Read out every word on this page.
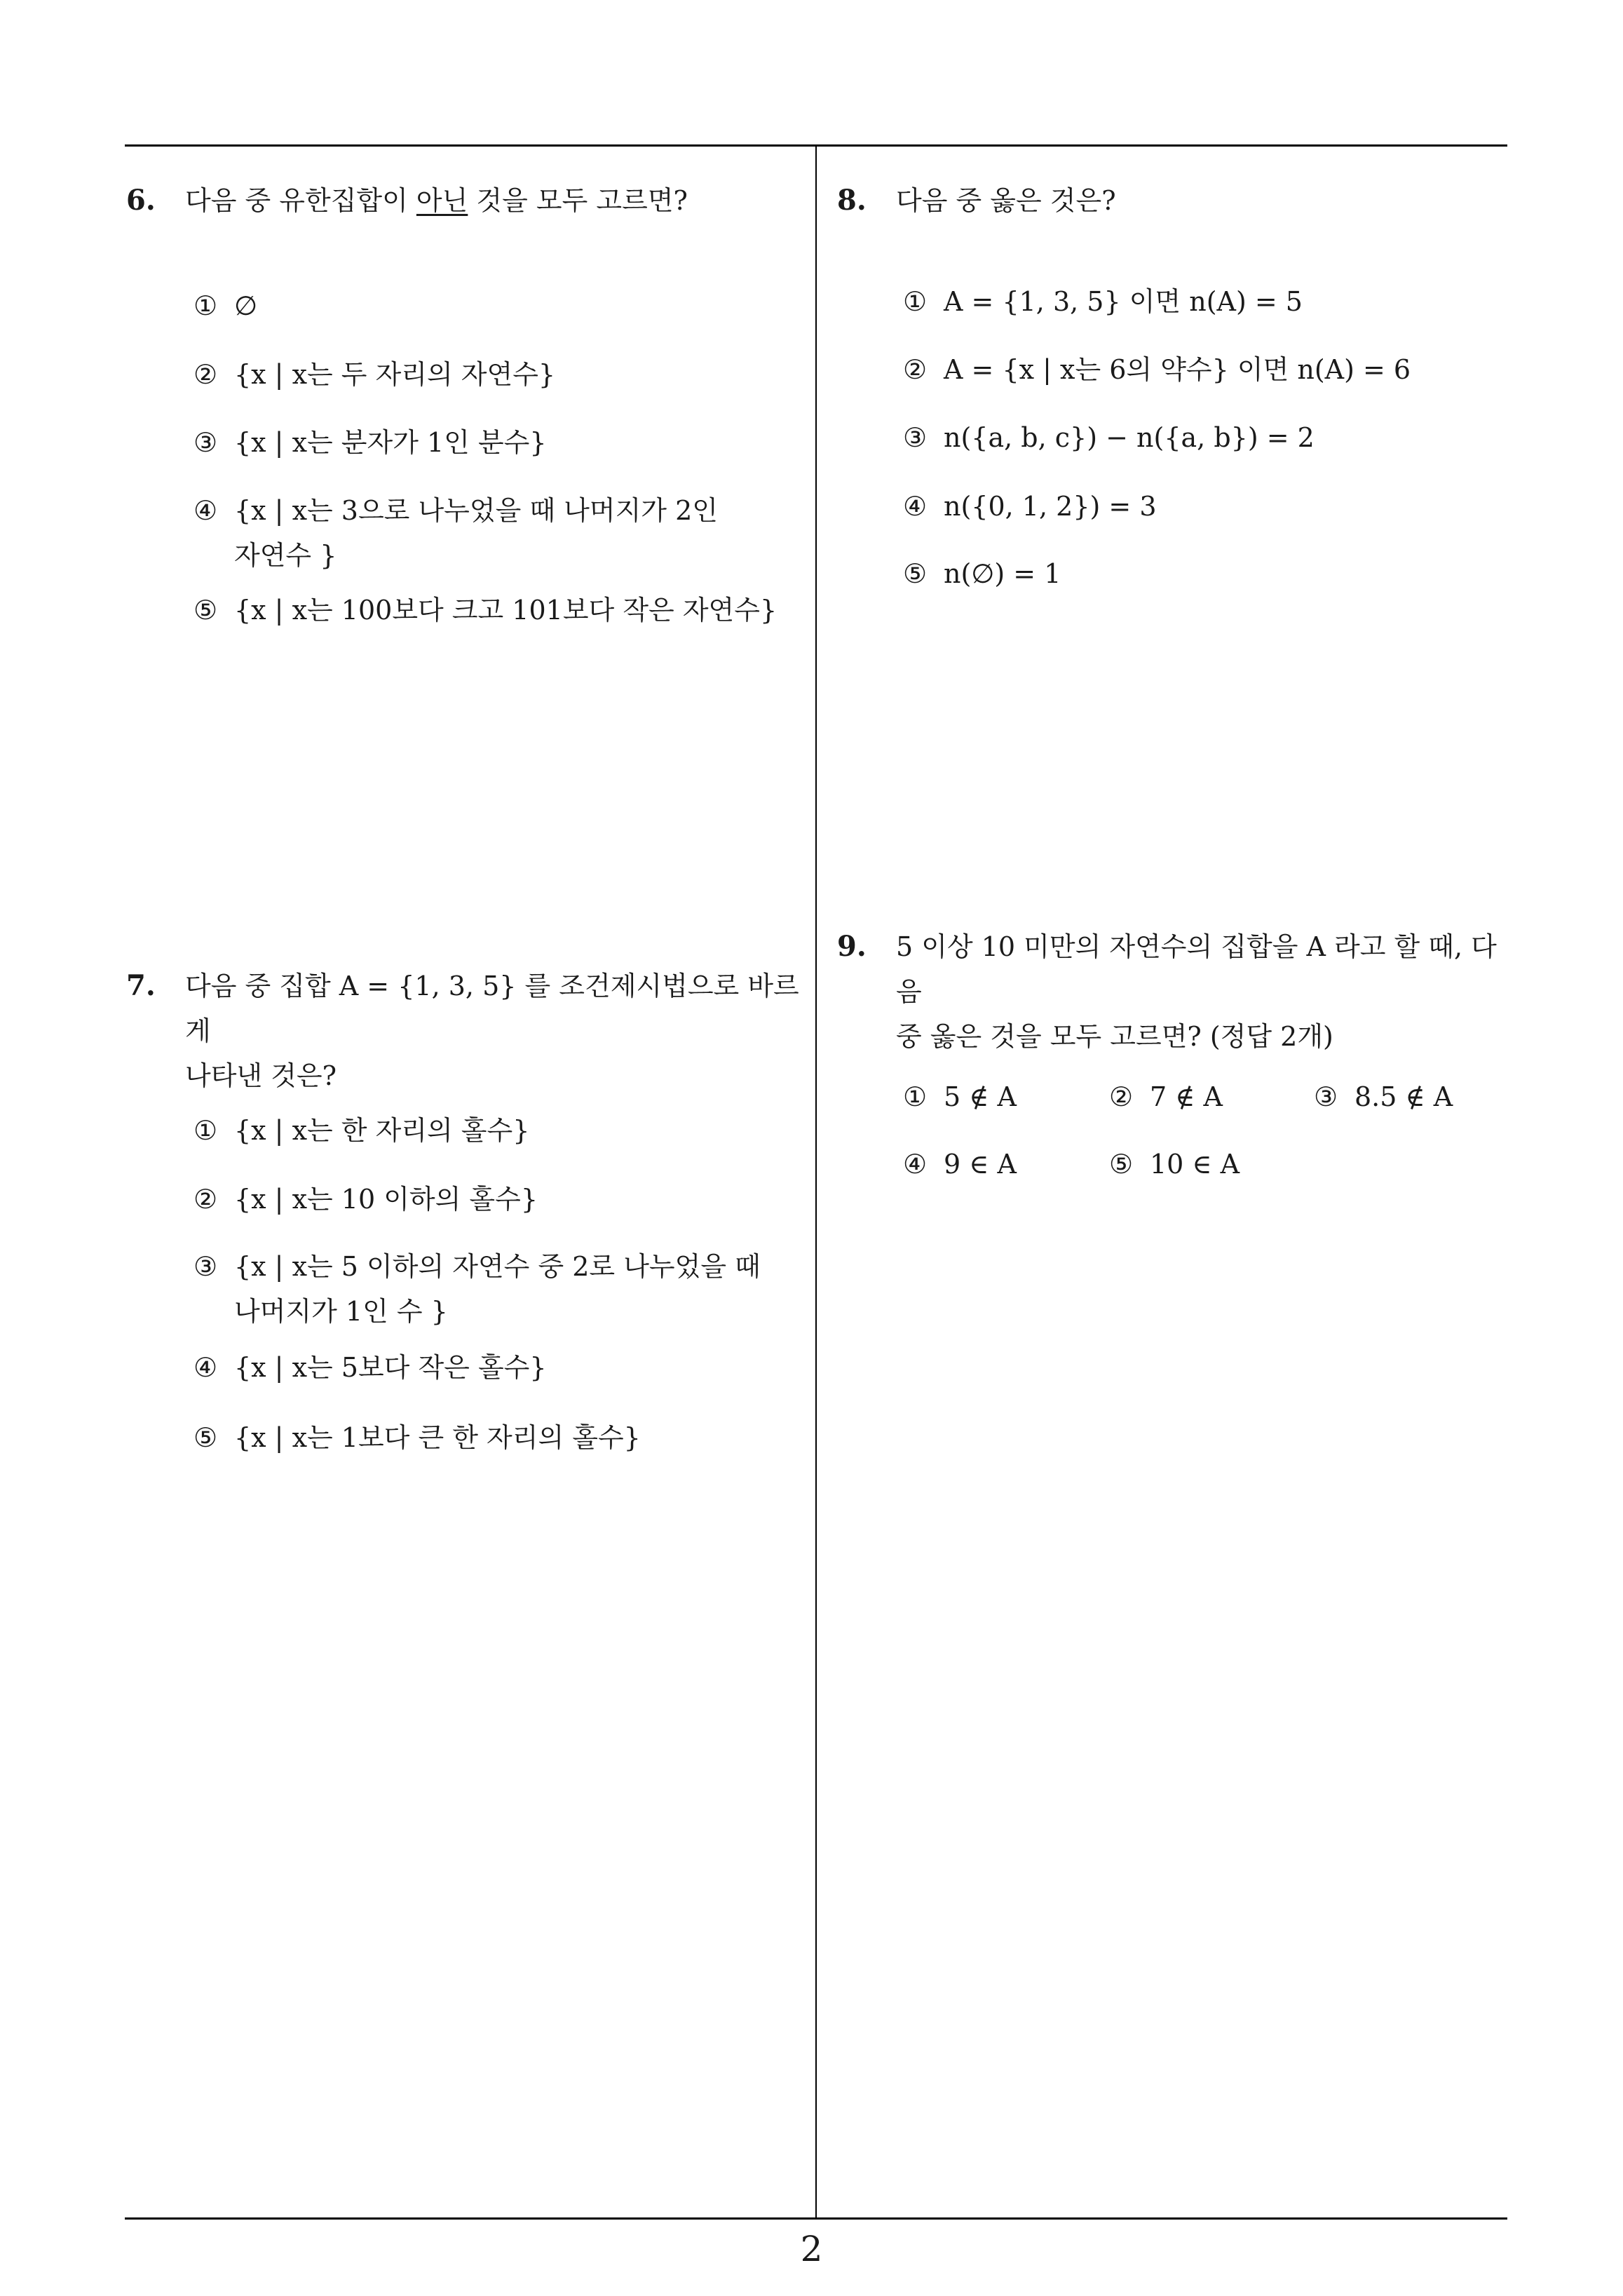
6. 다음 중 유한집합이 아닌 것을 모두 고르면?
① ∅
② {x | x는 두 자리의 자연수}
③ {x | x는 분자가 1인 분수}
④ {x | x는 3으로 나누었을 때 나머지가 2인
자연수 }
⑤ {x | x는 100보다 크고 101보다 작은 자연수}
7. 다음 중 집합 A = {1, 3, 5} 를 조건제시법으로 바르게
나타낸 것은?
① {x | x는 한 자리의 홀수}
② {x | x는 10 이하의 홀수}
③ {x | x는 5 이하의 자연수 중 2로 나누었을 때
나머지가 1인 수 }
④ {x | x는 5보다 작은 홀수}
⑤ {x | x는 1보다 큰 한 자리의 홀수}
8. 다음 중 옳은 것은?
① A = {1, 3, 5} 이면 n(A) = 5
② A = {x | x는 6의 약수} 이면 n(A) = 6
③ n({a, b, c}) − n({a, b}) = 2
④ n({0, 1, 2}) = 3
⑤ n(∅) = 1
9. 5 이상 10 미만의 자연수의 집합을 A 라고 할 때, 다음
중 옳은 것을 모두 고르면? (정답 2개)
① 5 ∉ A	② 7 ∉ A	③ 8.5 ∉ A
④ 9 ∈ A	⑤ 10 ∈ A
2
